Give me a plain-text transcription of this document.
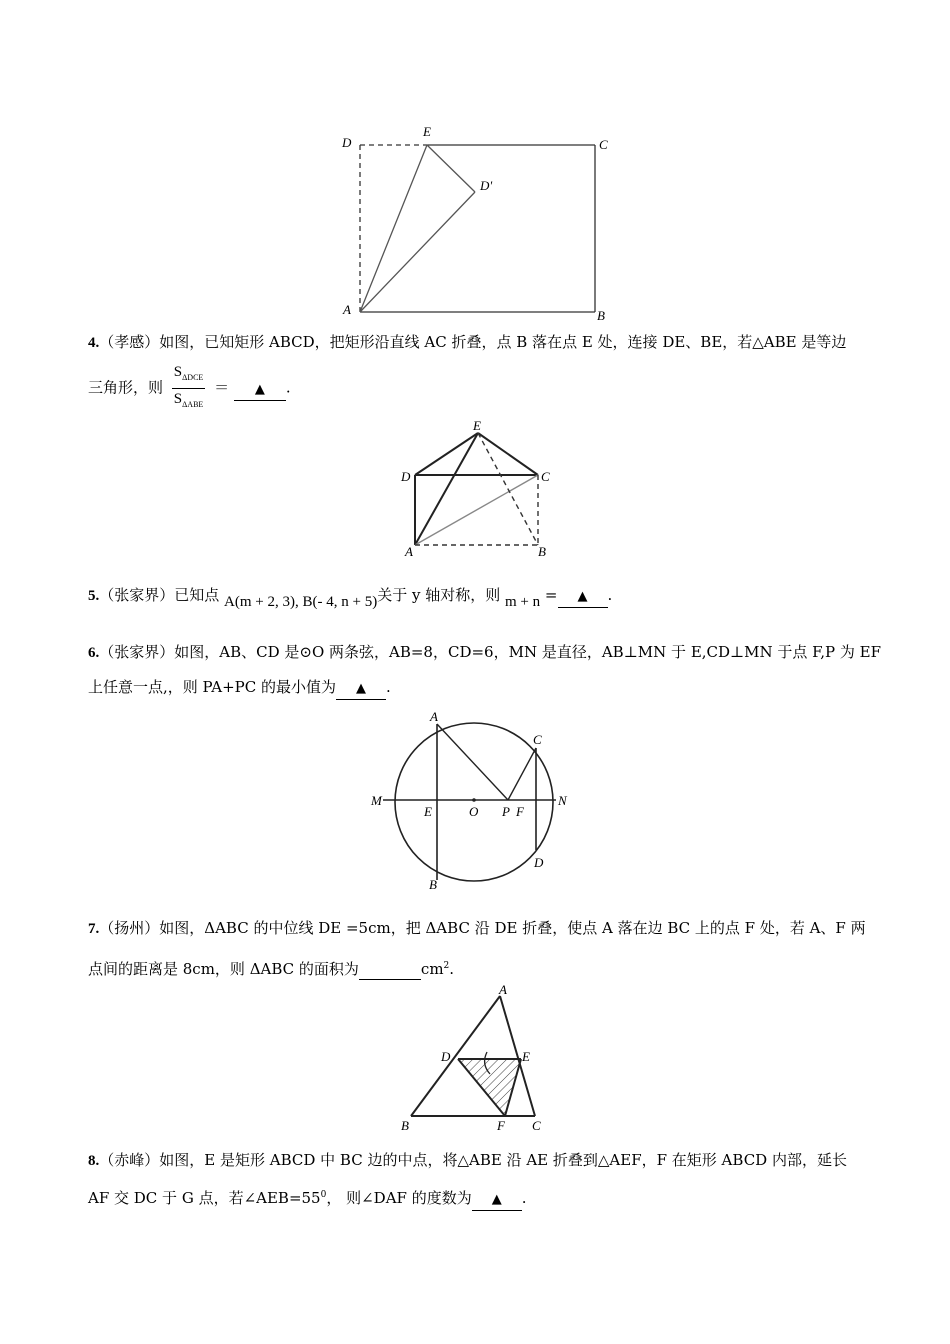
D
E
C
D'
A	B
4.（孝感）如图，已知矩形 ABCD，把矩形沿直线 AC 折叠，点 B 落在点 E 处，连接 DE、BE，若△ABE 是等边
三角形，则 $\frac{S_{\Delta DCE}}{S_{\Delta ABE}}$ ＝ ▲ .
E
D	C
A	B
5.（张家界）已知点 A(m + 2, 3), B(- 4, n + 5)关于 y 轴对称，则 m + n = ▲ .
6.（张家界）如图，AB、CD 是⊙O 两条弦，AB=8，CD=6，MN 是直径，AB⊥MN 于 E,CD⊥MN 于点 F,P 为 EF
上任意一点,，则 PA+PC 的最小值为 ▲ .
A
C
M
E	O P F
N
D
B
7.（扬州）如图，ΔABC 的中位线 DE =5cm，把 ΔABC 沿 DE 折叠，使点 A 落在边 BC 上的点 F 处，若 A、F 两
点间的距离是 8cm，则 ΔABC 的面积为	$cm^2$.
A
D	E
B	F C
8.（赤峰）如图，E 是矩形 ABCD 中 BC 边的中点，将△ABE 沿 AE 折叠到△AEF，F 在矩形 ABCD 内部，延长
AF 交 DC 于 G 点，若$\angle AEB=55^0$， 则∠DAF 的度数为 ▲ .
